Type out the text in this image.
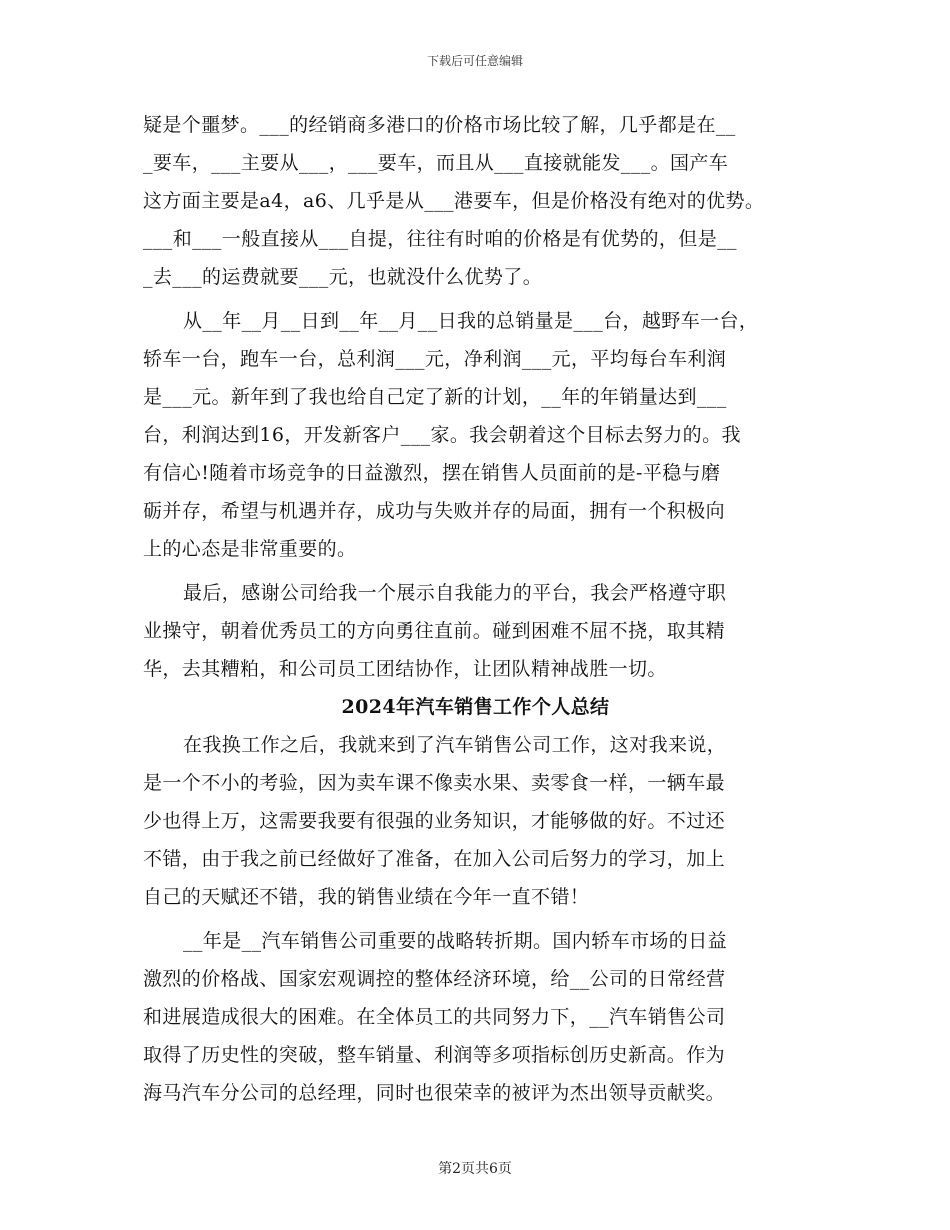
下载后可任意编辑
疑是个噩梦。___的经销商多港口的价格市场比较了解，几乎都是在__
_要车，___主要从___，___要车，而且从___直接就能发___。国产车
这方面主要是a4，a6、几乎是从___港要车，但是价格没有绝对的优势。
___和___一般直接从___自提，往往有时咱的价格是有优势的，但是__
_去___的运费就要___元，也就没什么优势了。
从__年__月__日到__年__月__日我的总销量是___台，越野车一台，
轿车一台，跑车一台，总利润___元，净利润___元，平均每台车利润
是___元。新年到了我也给自己定了新的计划，__年的年销量达到___
台，利润达到16，开发新客户___家。我会朝着这个目标去努力的。我
有信心!随着市场竞争的日益激烈，摆在销售人员面前的是-平稳与磨
砺并存，希望与机遇并存，成功与失败并存的局面，拥有一个积极向
上的心态是非常重要的。
最后，感谢公司给我一个展示自我能力的平台，我会严格遵守职
业操守，朝着优秀员工的方向勇往直前。碰到困难不屈不挠，取其精
华，去其糟粕，和公司员工团结协作，让团队精神战胜一切。
2024年汽车销售工作个人总结
在我换工作之后，我就来到了汽车销售公司工作，这对我来说，
是一个不小的考验，因为卖车课不像卖水果、卖零食一样，一辆车最
少也得上万，这需要我要有很强的业务知识，才能够做的好。不过还
不错，由于我之前已经做好了准备，在加入公司后努力的学习，加上
自己的天赋还不错，我的销售业绩在今年一直不错！
__年是__汽车销售公司重要的战略转折期。国内轿车市场的日益
激烈的价格战、国家宏观调控的整体经济环境，给__公司的日常经营
和进展造成很大的困难。在全体员工的共同努力下，__汽车销售公司
取得了历史性的突破，整车销量、利润等多项指标创历史新高。作为
海马汽车分公司的总经理，同时也很荣幸的被评为杰出领导贡献奖。
第2页共6页
